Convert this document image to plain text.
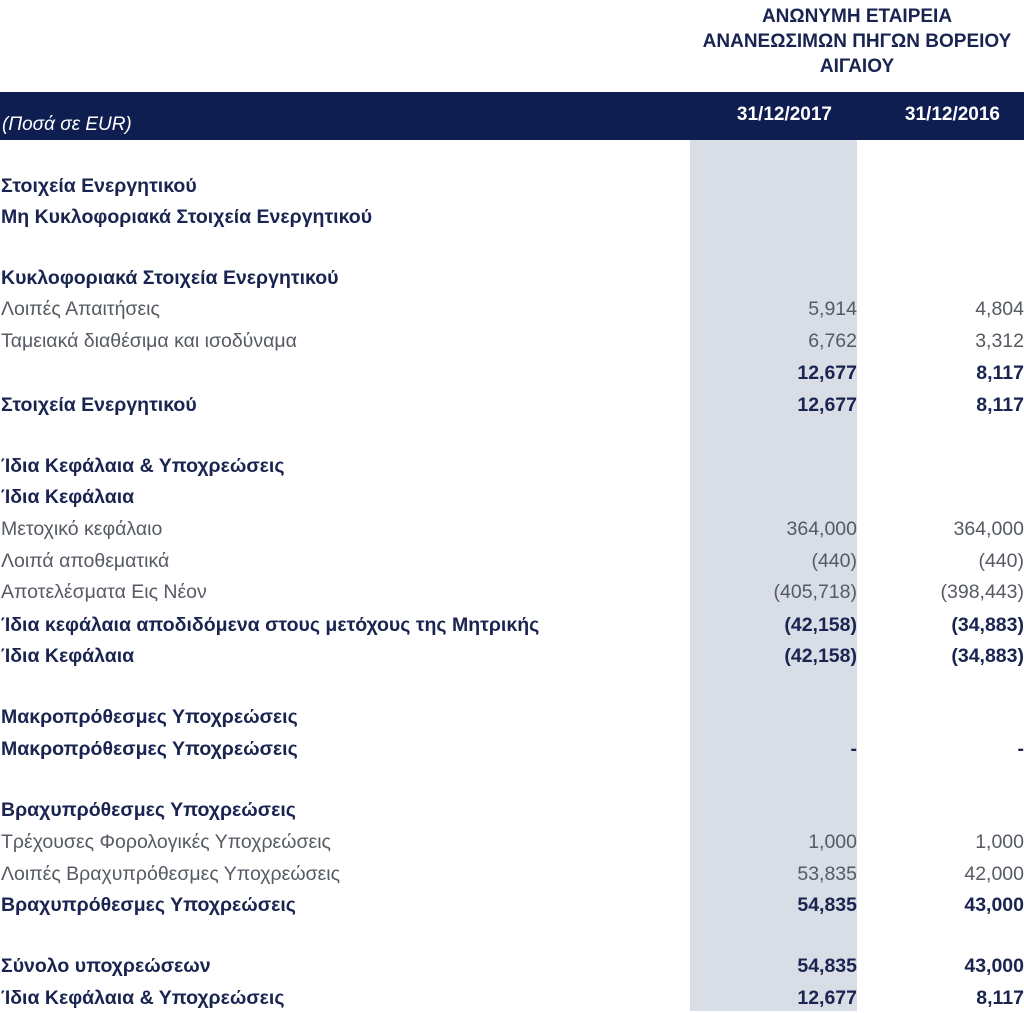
ΑΝΩΝΥΜΗ ΕΤΑΙΡΕΙΑ
ΑΝΑΝΕΩΣΙΜΩΝ ΠΗΓΩΝ ΒΟΡΕΙΟΥ
ΑΙΓΑΙΟΥ
(Ποσά σε EUR)	31/12/2017	31/12/2016
Στοιχεία Ενεργητικού
Μη Κυκλοφοριακά Στοιχεία Ενεργητικού
Κυκλοφοριακά Στοιχεία Ενεργητικού
Λοιπές Απαιτήσεις	5,914	4,804
Ταμειακά διαθέσιμα και ισοδύναμα	6,762	3,312
12,677	8,117
Στοιχεία Ενεργητικού	12,677	8,117
Ίδια Κεφάλαια & Υποχρεώσεις
Ίδια Κεφάλαια
Μετοχικό κεφάλαιο	364,000	364,000
Λοιπά αποθεματικά	(440)	(440)
Αποτελέσματα Εις Νέον	(405,718)	(398,443)
Ίδια κεφάλαια αποδιδόμενα στους μετόχους της Μητρικής	(42,158)	(34,883)
Ίδια Κεφάλαια	(42,158)	(34,883)
Μακροπρόθεσμες Υποχρεώσεις
Μακροπρόθεσμες Υποχρεώσεις	-	-
Βραχυπρόθεσμες Υποχρεώσεις
Τρέχουσες Φορολογικές Υποχρεώσεις	1,000	1,000
Λοιπές Βραχυπρόθεσμες Υποχρεώσεις	53,835	42,000
Βραχυπρόθεσμες Υποχρεώσεις	54,835	43,000
Σύνολο υποχρεώσεων	54,835	43,000
Ίδια Κεφάλαια & Υποχρεώσεις	12,677	8,117
